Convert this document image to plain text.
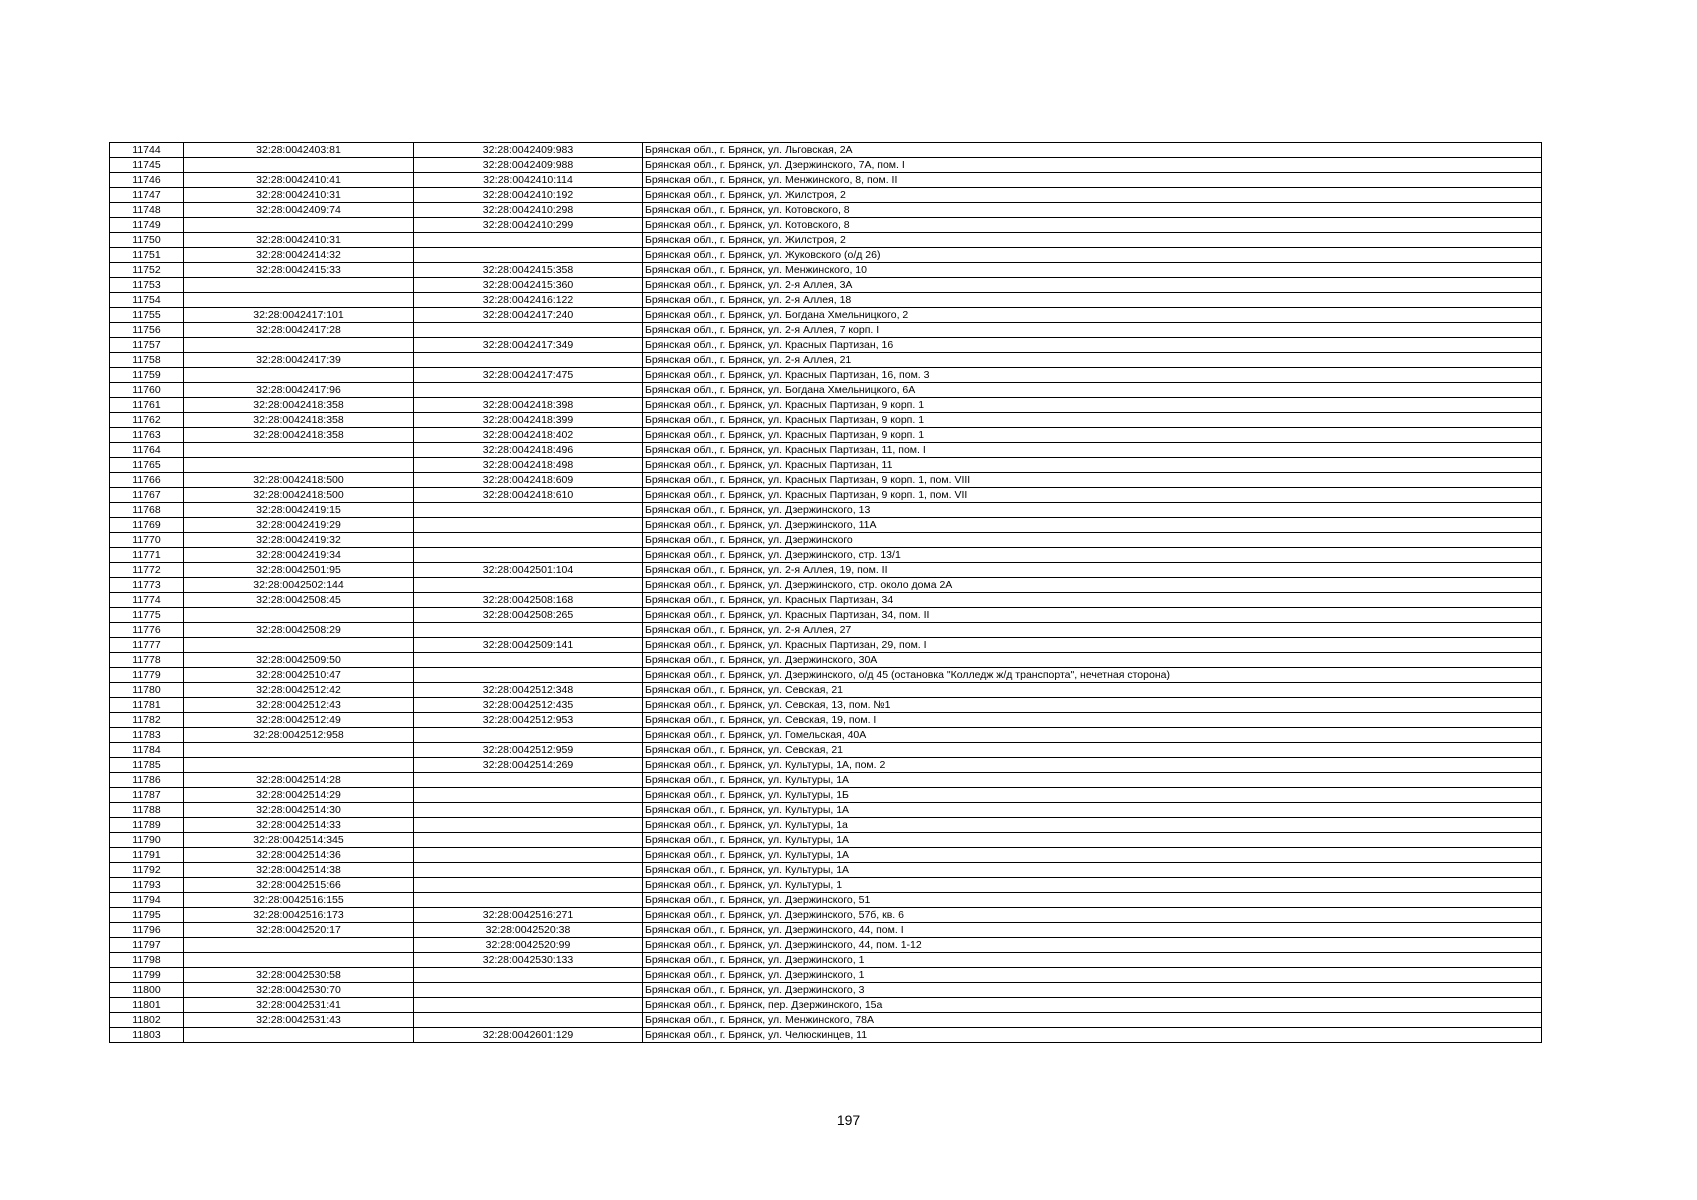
11744	32:28:0042403:81	32:28:0042409:983	Брянская обл., г. Брянск, ул. Льговская, 2А
11745		32:28:0042409:988	Брянская обл., г. Брянск, ул. Дзержинского, 7А, пом. I
11746	32:28:0042410:41	32:28:0042410:114	Брянская обл., г. Брянск, ул. Менжинского, 8, пом. II
11747	32:28:0042410:31	32:28:0042410:192	Брянская обл., г. Брянск, ул. Жилстроя, 2
11748	32:28:0042409:74	32:28:0042410:298	Брянская обл., г. Брянск, ул. Котовского, 8
11749		32:28:0042410:299	Брянская обл., г. Брянск, ул. Котовского, 8
11750	32:28:0042410:31		Брянская обл., г. Брянск, ул. Жилстроя, 2
11751	32:28:0042414:32		Брянская обл., г. Брянск, ул. Жуковского (о/д 26)
11752	32:28:0042415:33	32:28:0042415:358	Брянская обл., г. Брянск, ул. Менжинского, 10
11753		32:28:0042415:360	Брянская обл., г. Брянск, ул. 2-я Аллея, 3А
11754		32:28:0042416:122	Брянская обл., г. Брянск, ул. 2-я Аллея, 18
11755	32:28:0042417:101	32:28:0042417:240	Брянская обл., г. Брянск, ул. Богдана Хмельницкого, 2
11756	32:28:0042417:28		Брянская обл., г. Брянск, ул. 2-я Аллея, 7 корп. I
11757		32:28:0042417:349	Брянская обл., г. Брянск, ул. Красных Партизан, 16
11758	32:28:0042417:39		Брянская обл., г. Брянск, ул. 2-я Аллея, 21
11759		32:28:0042417:475	Брянская обл., г. Брянск, ул. Красных Партизан, 16, пом. 3
11760	32:28:0042417:96		Брянская обл., г. Брянск, ул. Богдана Хмельницкого, 6А
11761	32:28:0042418:358	32:28:0042418:398	Брянская обл., г. Брянск, ул. Красных Партизан, 9 корп. 1
11762	32:28:0042418:358	32:28:0042418:399	Брянская обл., г. Брянск, ул. Красных Партизан, 9 корп. 1
11763	32:28:0042418:358	32:28:0042418:402	Брянская обл., г. Брянск, ул. Красных Партизан, 9 корп. 1
11764		32:28:0042418:496	Брянская обл., г. Брянск, ул. Красных Партизан, 11, пом. I
11765		32:28:0042418:498	Брянская обл., г. Брянск, ул. Красных Партизан, 11
11766	32:28:0042418:500	32:28:0042418:609	Брянская обл., г. Брянск, ул. Красных Партизан, 9 корп. 1, пом. VIII
11767	32:28:0042418:500	32:28:0042418:610	Брянская обл., г. Брянск, ул. Красных Партизан, 9 корп. 1, пом. VII
11768	32:28:0042419:15		Брянская обл., г. Брянск, ул. Дзержинского, 13
11769	32:28:0042419:29		Брянская обл., г. Брянск, ул. Дзержинского, 11А
11770	32:28:0042419:32		Брянская обл., г. Брянск, ул. Дзержинского
11771	32:28:0042419:34		Брянская обл., г. Брянск, ул. Дзержинского, стр. 13/1
11772	32:28:0042501:95	32:28:0042501:104	Брянская обл., г. Брянск, ул. 2-я Аллея, 19, пом. II
11773	32:28:0042502:144		Брянская обл., г. Брянск, ул. Дзержинского, стр. около дома 2А
11774	32:28:0042508:45	32:28:0042508:168	Брянская обл., г. Брянск, ул. Красных Партизан, 34
11775		32:28:0042508:265	Брянская обл., г. Брянск, ул. Красных Партизан, 34, пом. II
11776	32:28:0042508:29		Брянская обл., г. Брянск, ул. 2-я Аллея, 27
11777		32:28:0042509:141	Брянская обл., г. Брянск, ул. Красных Партизан, 29, пом. I
11778	32:28:0042509:50		Брянская обл., г. Брянск, ул. Дзержинского, 30А
11779	32:28:0042510:47		Брянская обл., г. Брянск, ул. Дзержинского, о/д 45 (остановка "Колледж ж/д транспорта", нечетная сторона)
11780	32:28:0042512:42	32:28:0042512:348	Брянская обл., г. Брянск, ул. Севская, 21
11781	32:28:0042512:43	32:28:0042512:435	Брянская обл., г. Брянск, ул. Севская, 13, пом. №1
11782	32:28:0042512:49	32:28:0042512:953	Брянская обл., г. Брянск, ул. Севская, 19, пом. I
11783	32:28:0042512:958		Брянская обл., г. Брянск, ул. Гомельская, 40А
11784		32:28:0042512:959	Брянская обл., г. Брянск, ул. Севская, 21
11785		32:28:0042514:269	Брянская обл., г. Брянск, ул. Культуры, 1А, пом. 2
11786	32:28:0042514:28		Брянская обл., г. Брянск, ул. Культуры, 1А
11787	32:28:0042514:29		Брянская обл., г. Брянск, ул. Культуры, 1Б
11788	32:28:0042514:30		Брянская обл., г. Брянск, ул. Культуры, 1А
11789	32:28:0042514:33		Брянская обл., г. Брянск, ул. Культуры, 1а
11790	32:28:0042514:345		Брянская обл., г. Брянск, ул. Культуры, 1А
11791	32:28:0042514:36		Брянская обл., г. Брянск, ул. Культуры, 1А
11792	32:28:0042514:38		Брянская обл., г. Брянск, ул. Культуры, 1А
11793	32:28:0042515:66		Брянская обл., г. Брянск, ул. Культуры, 1
11794	32:28:0042516:155		Брянская обл., г. Брянск, ул. Дзержинского, 51
11795	32:28:0042516:173	32:28:0042516:271	Брянская обл., г. Брянск, ул. Дзержинского, 57б, кв. 6
11796	32:28:0042520:17	32:28:0042520:38	Брянская обл., г. Брянск, ул. Дзержинского, 44, пом. I
11797		32:28:0042520:99	Брянская обл., г. Брянск, ул. Дзержинского, 44, пом. 1-12
11798		32:28:0042530:133	Брянская обл., г. Брянск, ул. Дзержинского, 1
11799	32:28:0042530:58		Брянская обл., г. Брянск, ул. Дзержинского, 1
11800	32:28:0042530:70		Брянская обл., г. Брянск, ул. Дзержинского, 3
11801	32:28:0042531:41		Брянская обл., г. Брянск, пер. Дзержинского, 15а
11802	32:28:0042531:43		Брянская обл., г. Брянск, ул. Менжинского, 78А
11803		32:28:0042601:129	Брянская обл., г. Брянск, ул. Челюскинцев, 11
197
